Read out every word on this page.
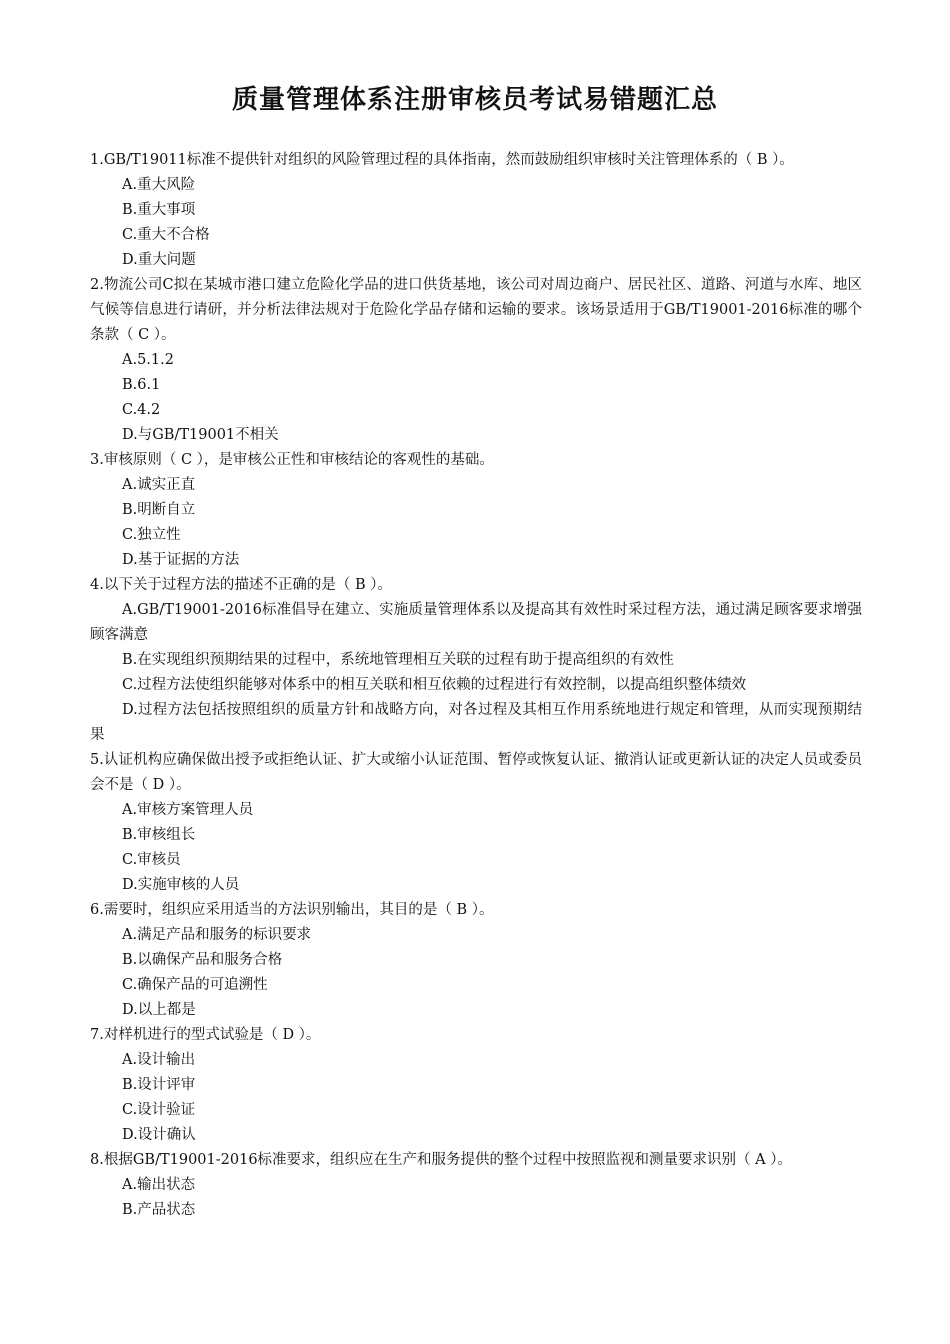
质量管理体系注册审核员考试易错题汇总

1.GB/T19011标准不提供针对组织的风险管理过程的具体指南，然而鼓励组织审核时关注管理体系的（ B ）。

A.重大风险

B.重大事项

C.重大不合格

D.重大问题

2.物流公司C拟在某城市港口建立危险化学品的进口供货基地，该公司对周边商户、居民社区、道路、河道与水库、地区气候等信息进行请研，并分析法律法规对于危险化学品存储和运输的要求。该场景适用于GB/T19001-2016标准的哪个条款（ C ）。

A.5.1.2

B.6.1

C.4.2

D.与GB/T19001不相关

3.审核原则（ C ），是审核公正性和审核结论的客观性的基础。

A.诚实正直

B.明断自立

C.独立性

D.基于证据的方法

4.以下关于过程方法的描述不正确的是（ B ）。

A.GB/T19001-2016标准倡导在建立、实施质量管理体系以及提高其有效性时采过程方法，通过满足顾客要求增强顾客满意

B.在实现组织预期结果的过程中，系统地管理相互关联的过程有助于提高组织的有效性

C.过程方法使组织能够对体系中的相互关联和相互依赖的过程进行有效控制，以提高组织整体绩效

D.过程方法包括按照组织的质量方针和战略方向，对各过程及其相互作用系统地进行规定和管理，从而实现预期结果

5.认证机构应确保做出授予或拒绝认证、扩大或缩小认证范围、暂停或恢复认证、撤消认证或更新认证的决定人员或委员会不是（ D ）。

A.审核方案管理人员

B.审核组长

C.审核员

D.实施审核的人员

6.需要时，组织应采用适当的方法识别输出，其目的是（ B ）。

A.满足产品和服务的标识要求

B.以确保产品和服务合格

C.确保产品的可追溯性

D.以上都是

7.对样机进行的型式试验是（ D ）。

A.设计输出

B.设计评审

C.设计验证

D.设计确认

8.根据GB/T19001-2016标准要求，组织应在生产和服务提供的整个过程中按照监视和测量要求识别（ A ）。

A.输出状态

B.产品状态
